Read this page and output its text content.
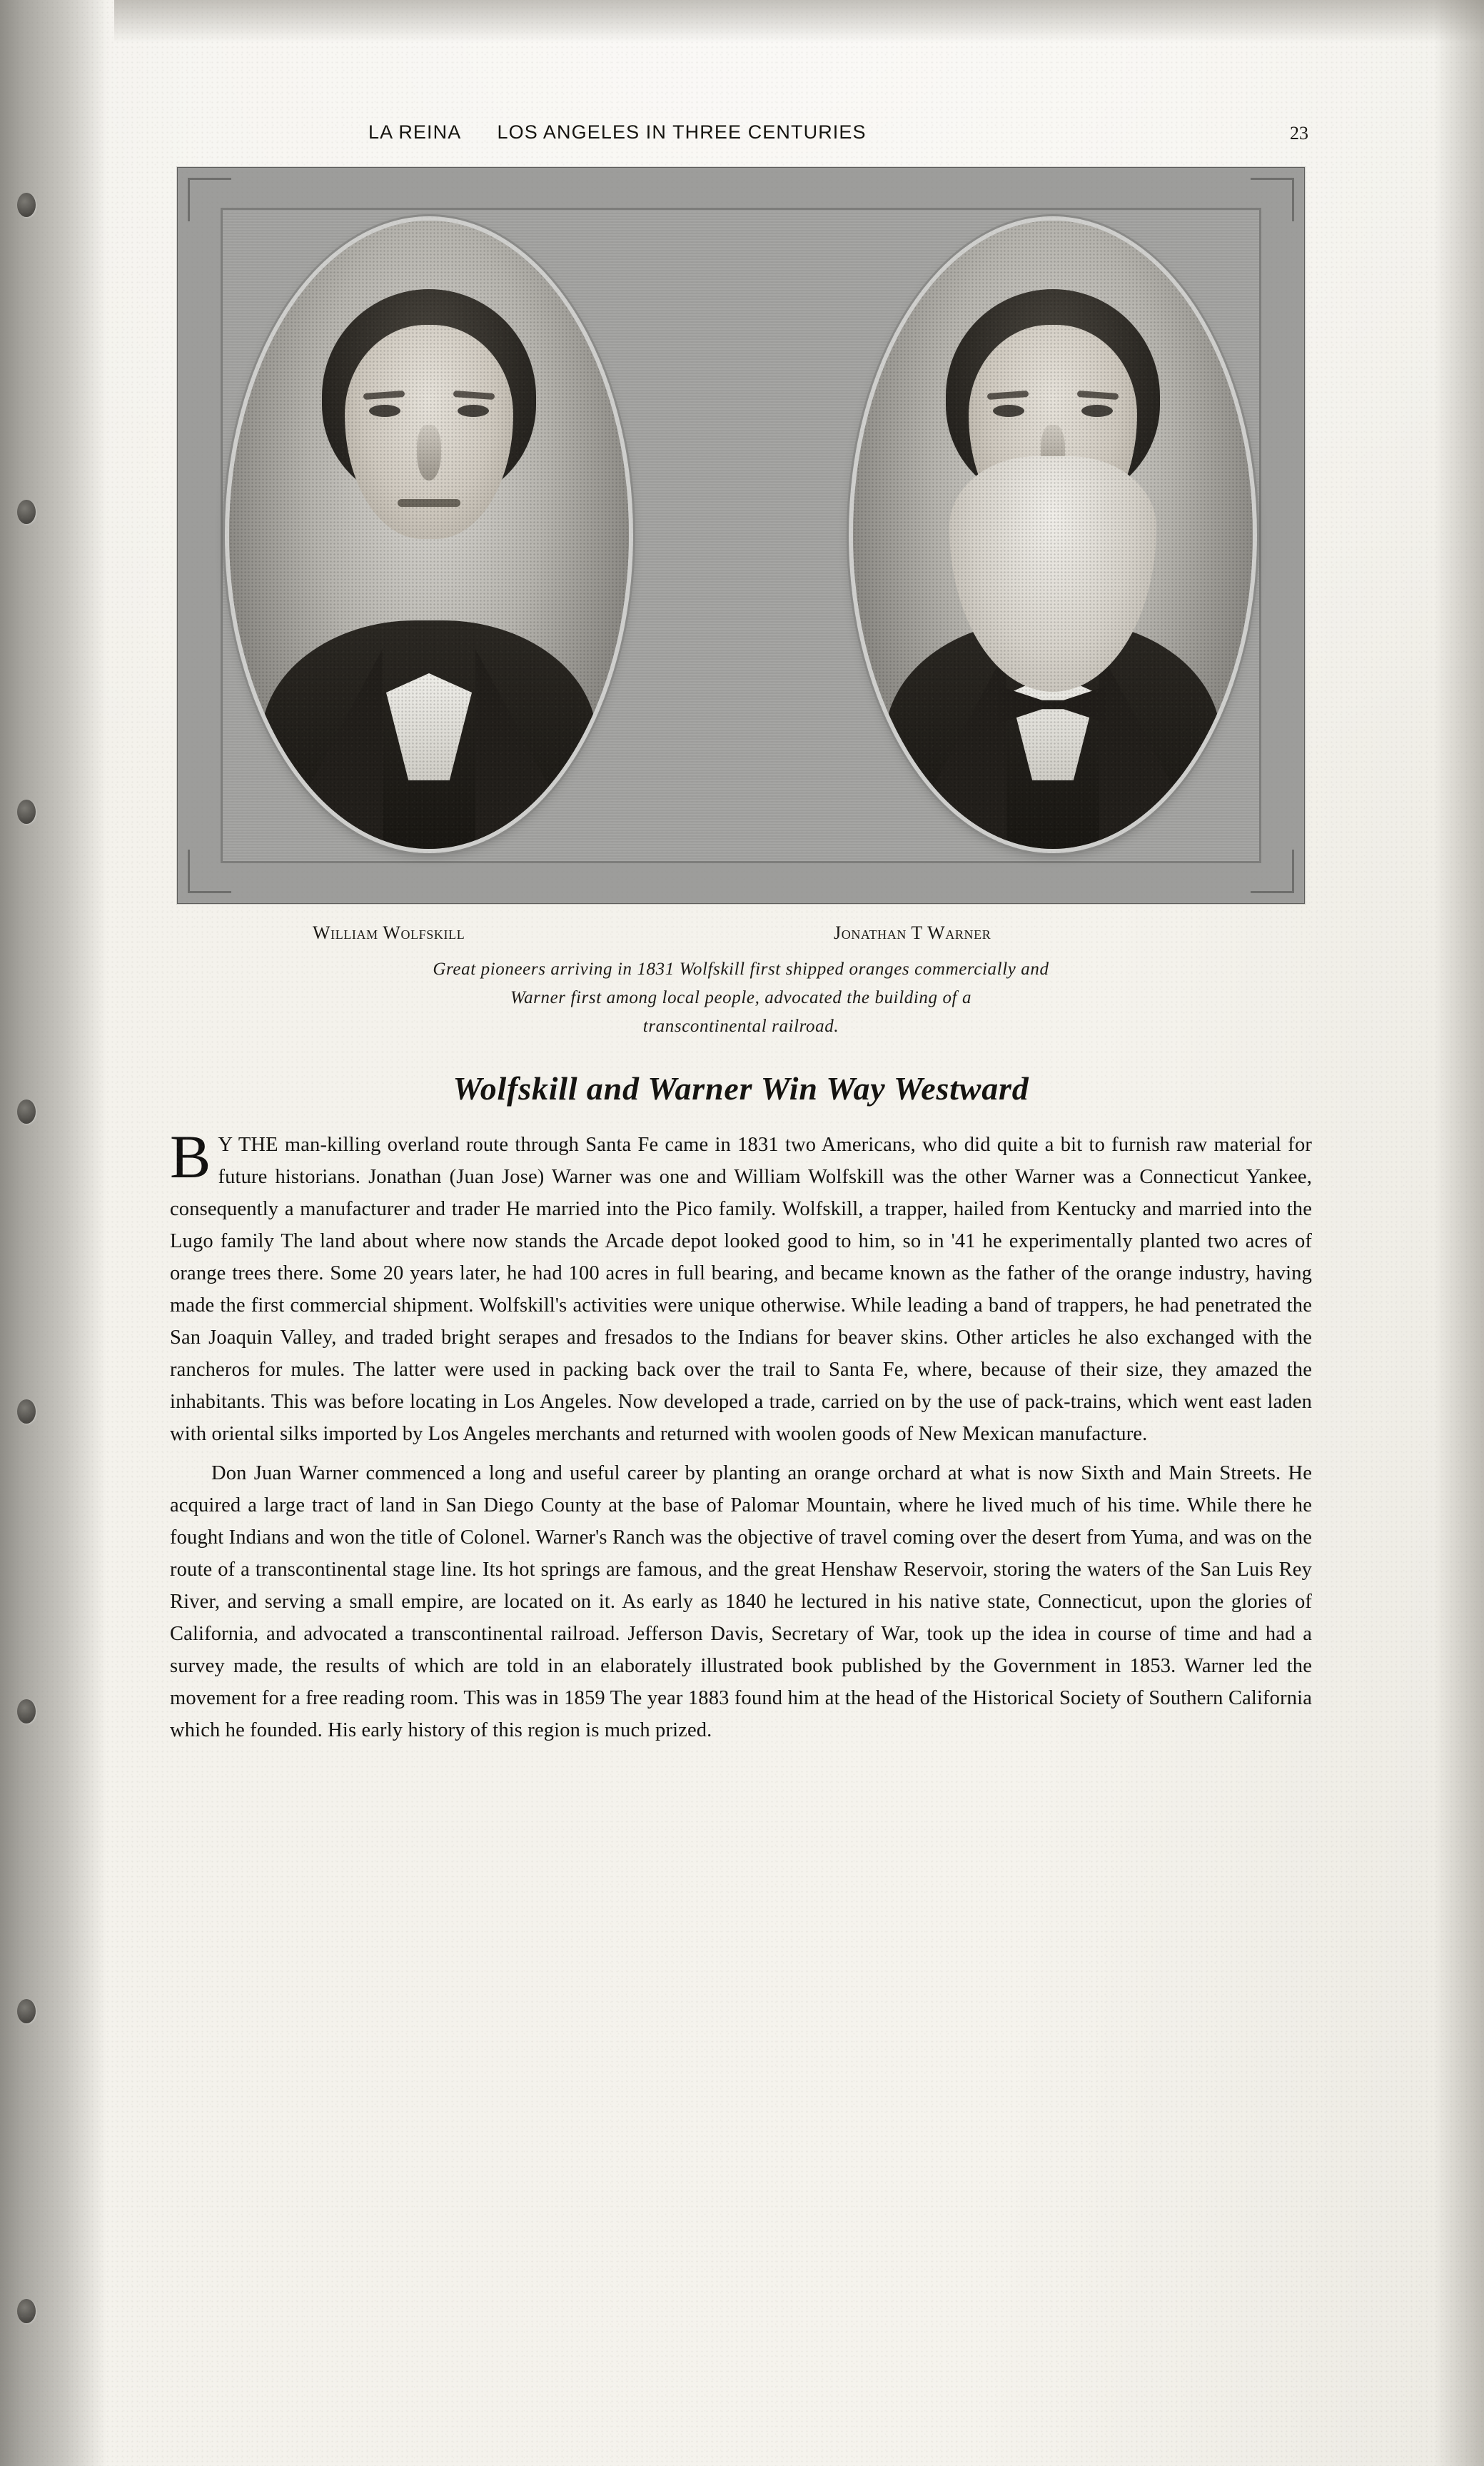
LA REINA LOS ANGELES IN THREE CENTURIES	23
William Wolfskill	Jonathan T Warner
Great pioneers arriving in 1831 Wolfskill first shipped oranges commercially and
Warner first among local people, advocated the building of a
transcontinental railroad.
Wolfskill and Warner Win Way Westward
B Y THE man-killing overland route through Santa Fe came in 1831 two Americans, who did quite a bit to furnish raw material for future historians. Jonathan (Juan Jose) Warner was one and William Wolfskill was the other Warner was a Connecticut Yankee, consequently a manufacturer and trader He married into the Pico family. Wolfskill, a trapper, hailed from Kentucky and married into the Lugo family The land about where now stands the Arcade depot looked good to him, so in '41 he experimentally planted two acres of orange trees there. Some 20 years later, he had 100 acres in full bearing, and became known as the father of the orange industry, having made the first commercial shipment. Wolfskill's activities were unique otherwise. While leading a band of trappers, he had penetrated the San Joaquin Valley, and traded bright serapes and fresados to the Indians for beaver skins. Other articles he also exchanged with the rancheros for mules. The latter were used in packing back over the trail to Santa Fe, where, because of their size, they amazed the inhabitants. This was before locating in Los Angeles. Now developed a trade, carried on by the use of pack-trains, which went east laden with oriental silks imported by Los Angeles merchants and returned with woolen goods of New Mexican manufacture.
Don Juan Warner commenced a long and useful career by planting an orange orchard at what is now Sixth and Main Streets. He acquired a large tract of land in San Diego County at the base of Palomar Mountain, where he lived much of his time. While there he fought Indians and won the title of Colonel. Warner's Ranch was the objective of travel coming over the desert from Yuma, and was on the route of a transcontinental stage line. Its hot springs are famous, and the great Henshaw Reservoir, storing the waters of the San Luis Rey River, and serving a small empire, are located on it. As early as 1840 he lectured in his native state, Connecticut, upon the glories of California, and advocated a transcontinental railroad. Jefferson Davis, Secretary of War, took up the idea in course of time and had a survey made, the results of which are told in an elaborately illustrated book published by the Government in 1853. Warner led the movement for a free reading room. This was in 1859 The year 1883 found him at the head of the Historical Society of Southern California which he founded. His early history of this region is much prized.
